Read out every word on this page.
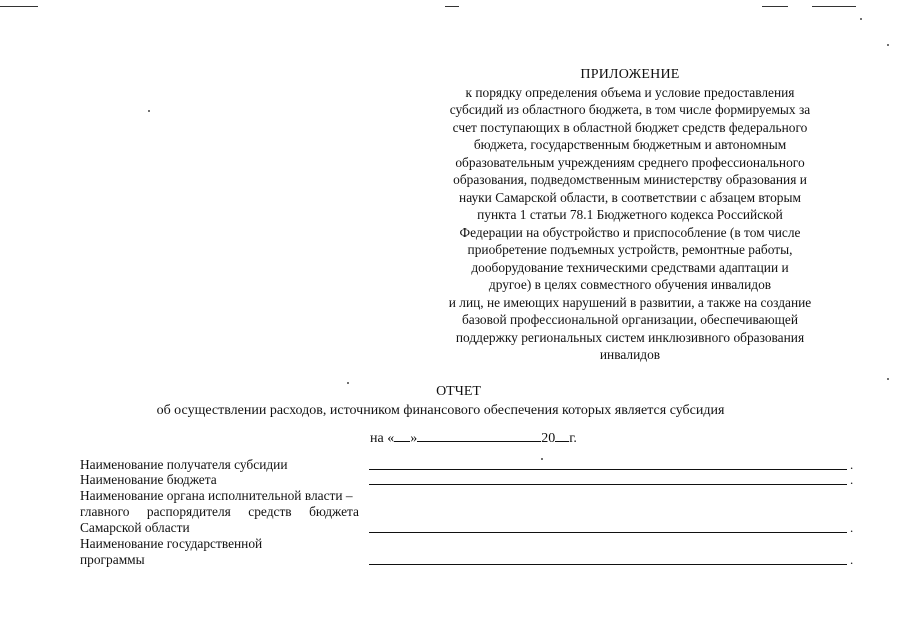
ПРИЛОЖЕНИЕ
к порядку определения объема и условие предоставления
субсидий из областного бюджета, в том числе формируемых за
счет поступающих в областной бюджет средств федерального
бюджета, государственным бюджетным и автономным
образовательным учреждениям среднего профессионального
образования, подведомственным министерству образования и
науки Самарской области, в соответствии с абзацем вторым
пункта 1 статьи 78.1 Бюджетного кодекса Российской
Федерации на обустройство и приспособление (в том числе
приобретение подъемных устройств, ремонтные работы,
дооборудование техническими средствами адаптации и
другое) в целях совместного обучения инвалидов
и лиц, не имеющих нарушений в развитии, а также на создание
базовой профессиональной организации, обеспечивающей
поддержку региональных систем инклюзивного образования
инвалидов
ОТЧЕТ
об осуществлении расходов, источником финансового обеспечения которых является субсидия
на « »	20 г.
Наименование получателя субсидии	.
Наименование бюджета	.
Наименование органа исполнительной власти –
главного распорядителя средств бюджета
Самарской области	.
Наименование государственной
программы	.
